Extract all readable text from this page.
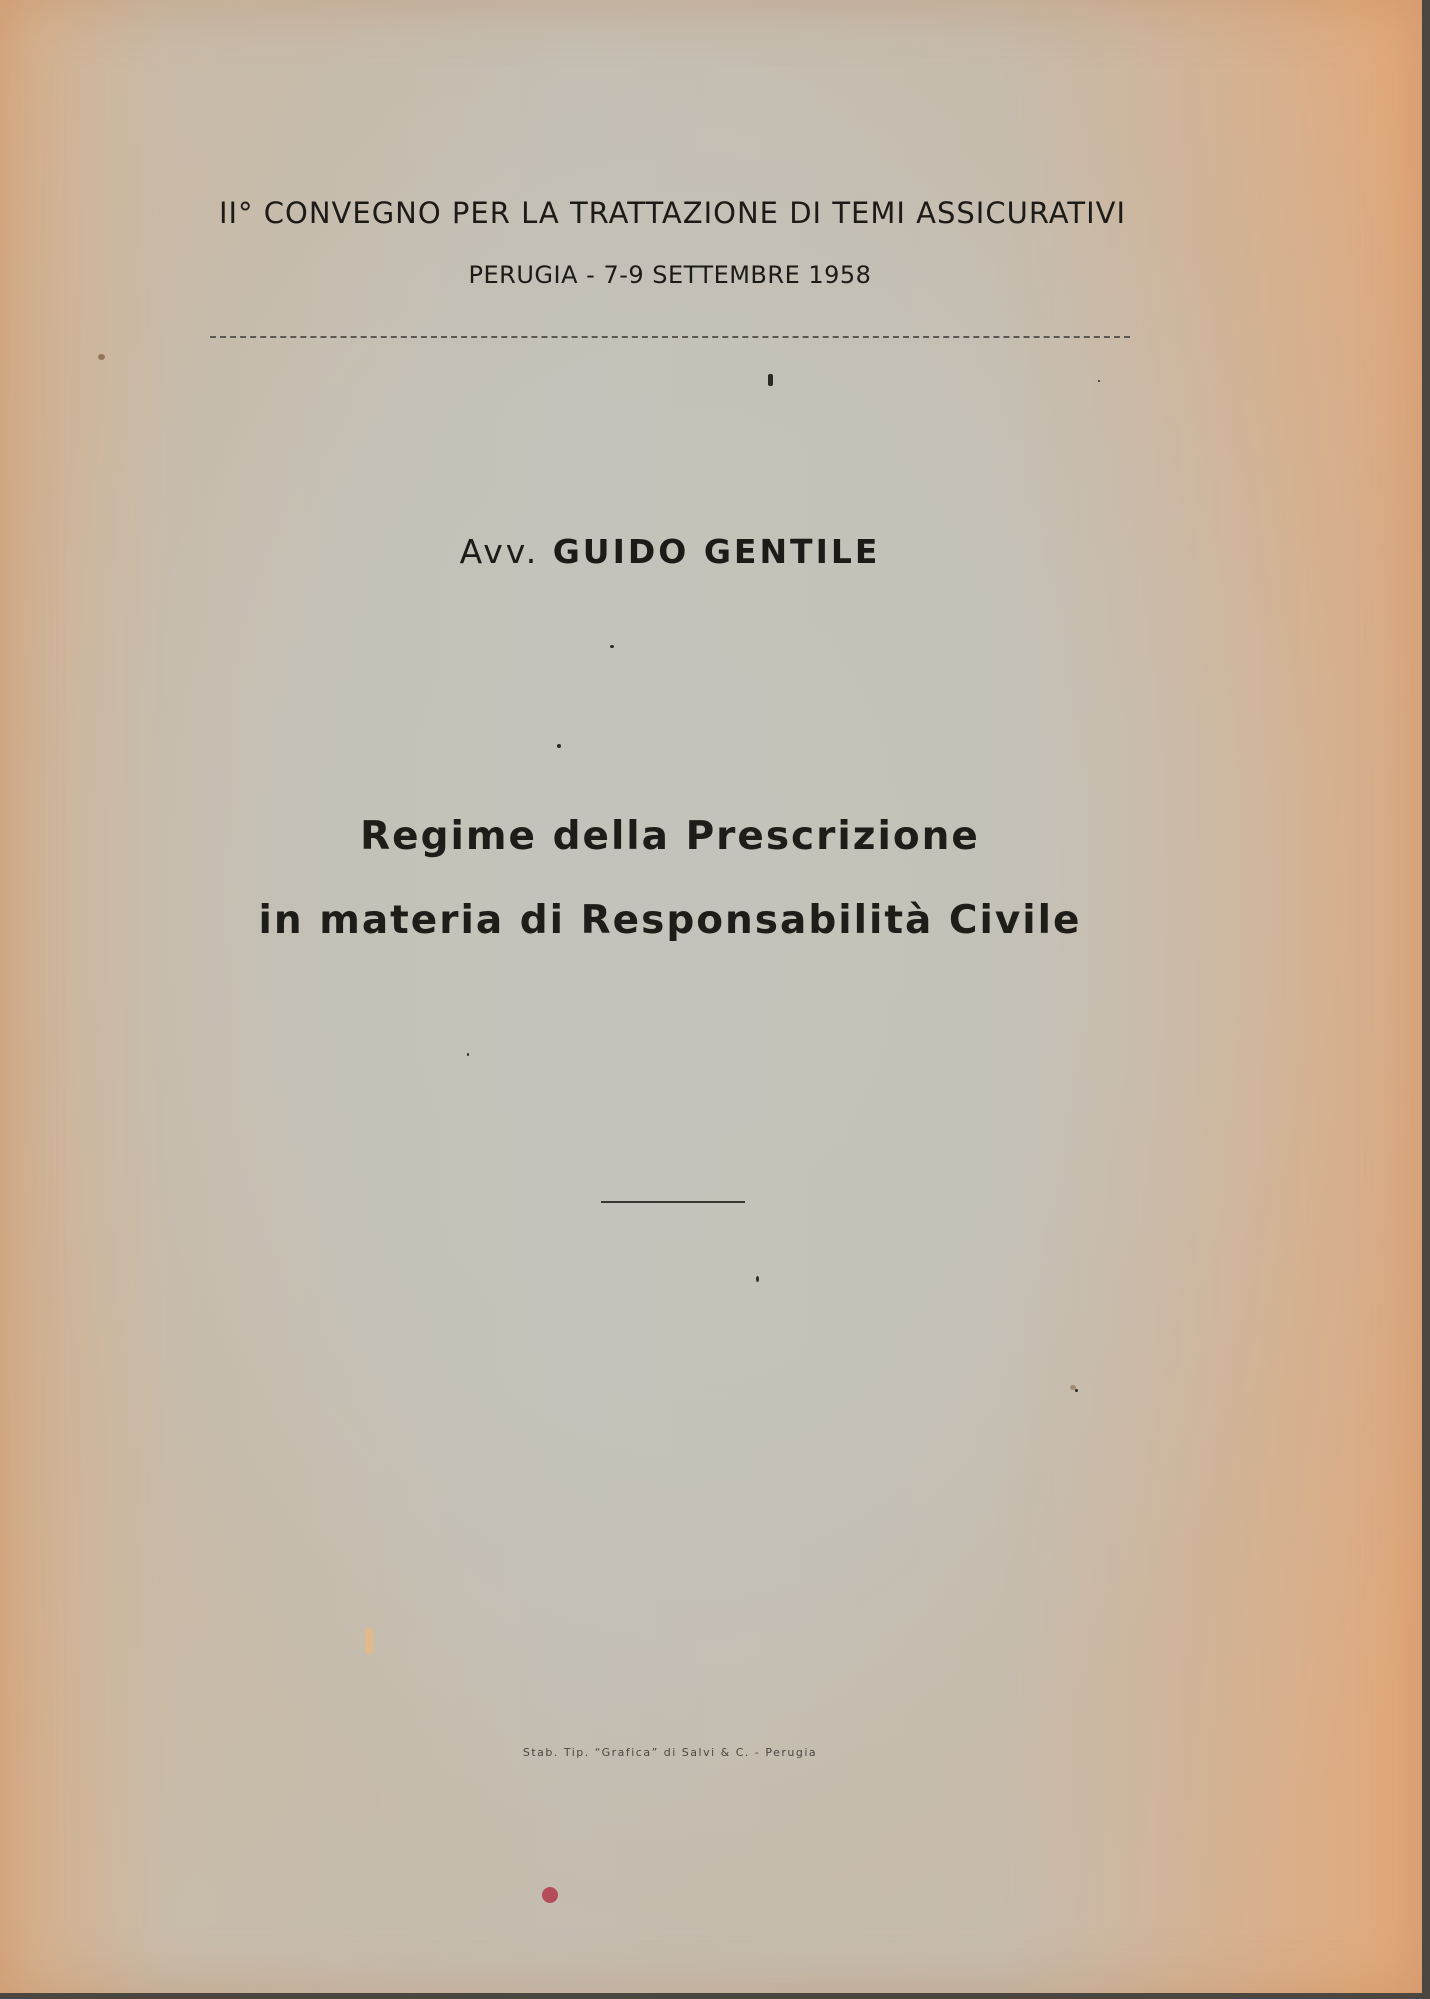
II° CONVEGNO PER LA TRATTAZIONE DI TEMI ASSICURATIVI
PERUGIA - 7-9 SETTEMBRE 1958
Avv. GUIDO GENTILE
Regime della Prescrizione
in materia di Responsabilità Civile
Stab. Tip. “Grafica” di Salvi & C. - Perugia
